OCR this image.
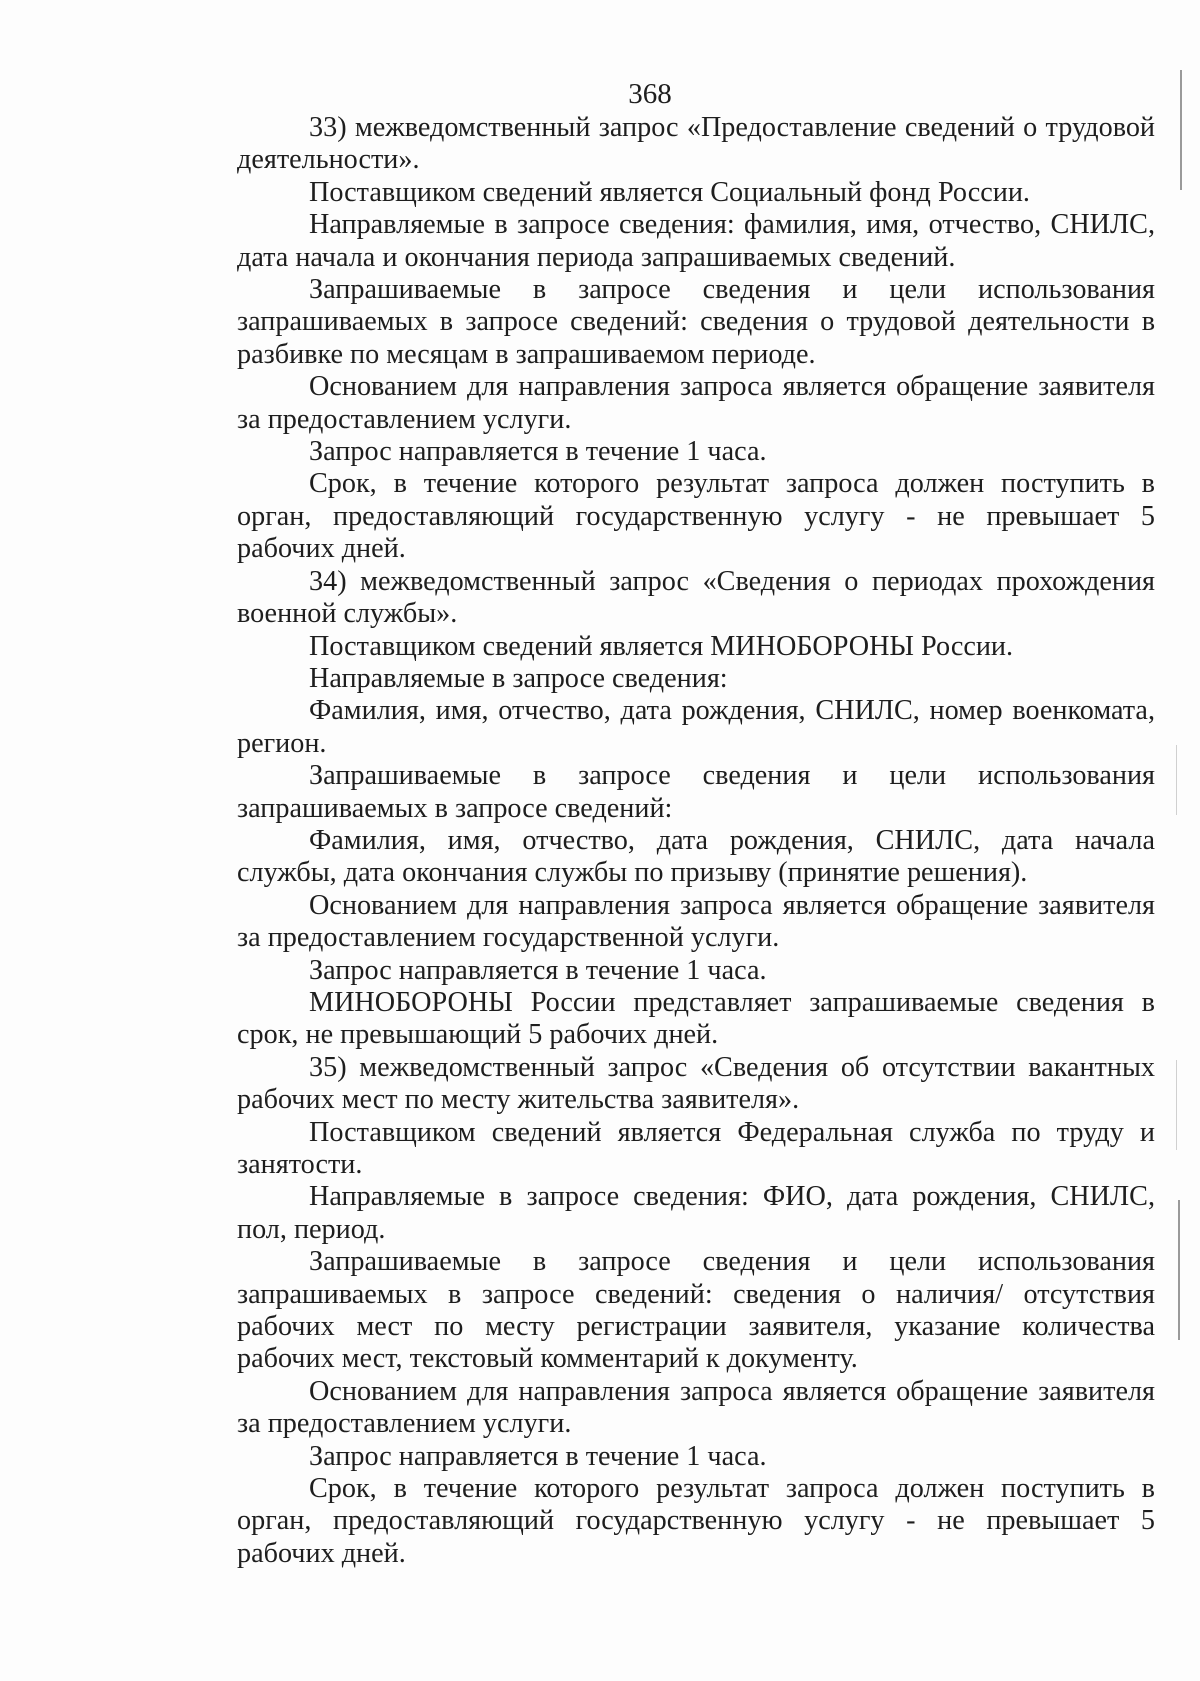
368

33) межведомственный запрос «Предоставление сведений о трудовой деятельности».

Поставщиком сведений является Социальный фонд России.

Направляемые в запросе сведения: фамилия, имя, отчество, СНИЛС, дата начала и окончания периода запрашиваемых сведений.

Запрашиваемые в запросе сведения и цели использования запрашиваемых в запросе сведений: сведения о трудовой деятельности в разбивке по месяцам в запрашиваемом периоде.

Основанием для направления запроса является обращение заявителя за предоставлением услуги.

Запрос направляется в течение 1 часа.

Срок, в течение которого результат запроса должен поступить в орган, предоставляющий государственную услугу - не превышает 5 рабочих дней.

34) межведомственный запрос «Сведения о периодах прохождения военной службы».

Поставщиком сведений является МИНОБОРОНЫ России.

Направляемые в запросе сведения:

Фамилия, имя, отчество, дата рождения, СНИЛС, номер военкомата, регион.

Запрашиваемые в запросе сведения и цели использования запрашиваемых в запросе сведений:

Фамилия, имя, отчество, дата рождения, СНИЛС, дата начала службы, дата окончания службы по призыву (принятие решения).

Основанием для направления запроса является обращение заявителя за предоставлением государственной услуги.

Запрос направляется в течение 1 часа.

МИНОБОРОНЫ России представляет запрашиваемые сведения в срок, не превышающий 5 рабочих дней.

35) межведомственный запрос «Сведения об отсутствии вакантных рабочих мест по месту жительства заявителя».

Поставщиком сведений является Федеральная служба по труду и занятости.

Направляемые в запросе сведения: ФИО, дата рождения, СНИЛС, пол, период.

Запрашиваемые в запросе сведения и цели использования запрашиваемых в запросе сведений: сведения о наличия/ отсутствия рабочих мест по месту регистрации заявителя, указание количества рабочих мест, текстовый комментарий к документу.

Основанием для направления запроса является обращение заявителя за предоставлением услуги.

Запрос направляется в течение 1 часа.

Срок, в течение которого результат запроса должен поступить в орган, предоставляющий государственную услугу - не превышает 5 рабочих дней.
